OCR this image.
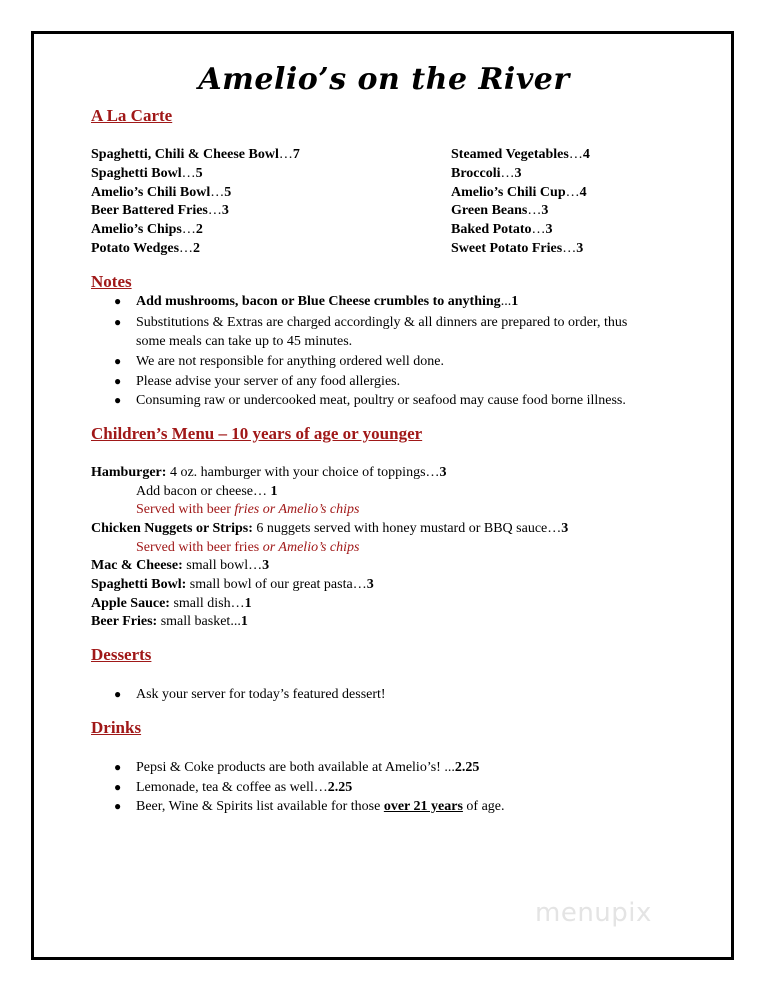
Amelio’s on the River
A La Carte
Spaghetti, Chili & Cheese Bowl…7
Spaghetti Bowl…5
Amelio’s Chili Bowl…5
Beer Battered Fries…3
Amelio’s Chips…2
Potato Wedges…2
Steamed Vegetables…4
Broccoli…3
Amelio’s Chili Cup…4
Green Beans…3
Baked Potato…3
Sweet Potato Fries…3
Notes
● Add mushrooms, bacon or Blue Cheese crumbles to anything...1
● Substitutions & Extras are charged accordingly & all dinners are prepared to order, thus
some meals can take up to 45 minutes.
● We are not responsible for anything ordered well done.
● Please advise your server of any food allergies.
● Consuming raw or undercooked meat, poultry or seafood may cause food borne illness.
Children’s Menu – 10 years of age or younger
Hamburger: 4 oz. hamburger with your choice of toppings…3
Add bacon or cheese… 1
Served with beer fries or Amelio’s chips
Chicken Nuggets or Strips: 6 nuggets served with honey mustard or BBQ sauce…3
Served with beer fries or Amelio’s chips
Mac & Cheese: small bowl…3
Spaghetti Bowl: small bowl of our great pasta…3
Apple Sauce: small dish…1
Beer Fries: small basket...1
Desserts
● Ask your server for today’s featured dessert!
Drinks
● Pepsi & Coke products are both available at Amelio’s! ...2.25
● Lemonade, tea & coffee as well…2.25
● Beer, Wine & Spirits list available for those over 21 years of age.
menupix
